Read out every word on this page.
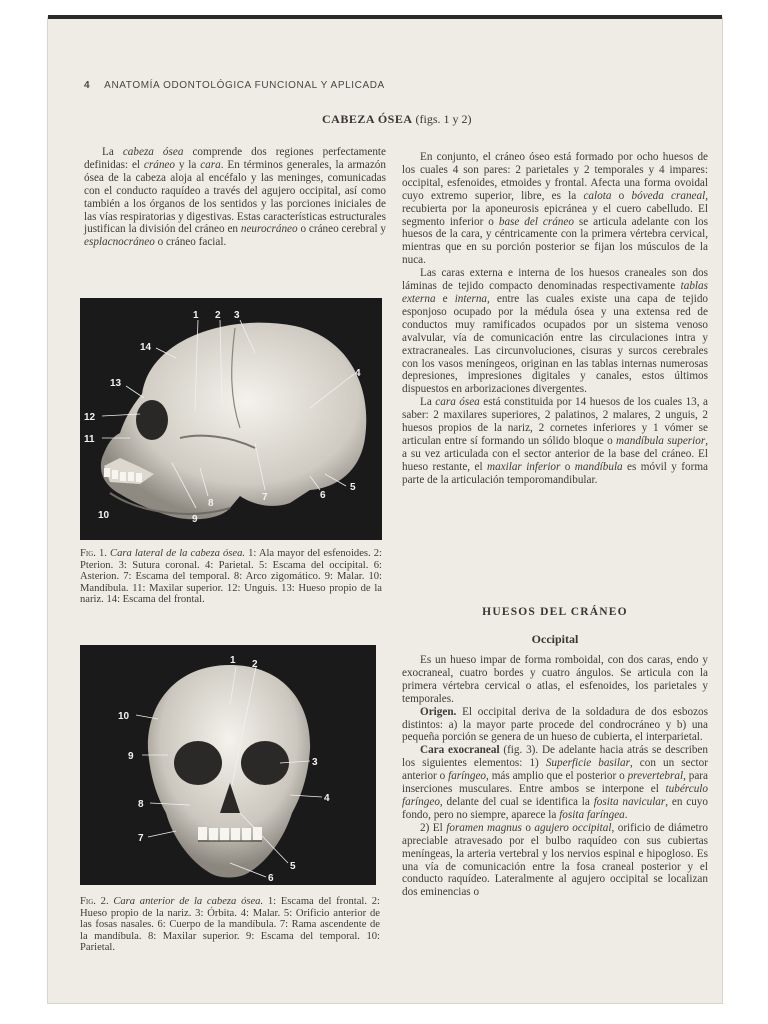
4 ANATOMÍA ODONTOLÓGICA FUNCIONAL Y APLICADA
CABEZA ÓSEA (figs. 1 y 2)

La cabeza ósea comprende dos regiones perfectamente definidas: el cráneo y la cara. En términos generales, la armazón ósea de la cabeza aloja al encéfalo y las meninges, comunicadas con el conducto raquídeo a través del agujero occipital, así como también a los órganos de los sentidos y las porciones iniciales de las vías respiratorias y digestivas. Estas características estructurales justifican la división del cráneo en neurocráneo o cráneo cerebral y esplacnocráneo o cráneo facial.

1 2 3
4
5
6
7
8
9
10
11
12
13
14
Fig. 1. Cara lateral de la cabeza ósea. 1: Ala mayor del esfenoides. 2: Pterion. 3: Sutura coronal. 4: Parietal. 5: Escama del occipital. 6: Asterion. 7: Escama del temporal. 8: Arco zigomático. 9: Malar. 10: Mandíbula. 11: Maxilar superior. 12: Unguis. 13: Hueso propio de la nariz. 14: Escama del frontal.
1 2
3
4
5
6
7
8
9
10
Fig. 2. Cara anterior de la cabeza ósea. 1: Escama del frontal. 2: Hueso propio de la nariz. 3: Órbita. 4: Malar. 5: Orificio anterior de las fosas nasales. 6: Cuerpo de la mandíbula. 7: Rama ascendente de la mandíbula. 8: Maxilar superior. 9: Escama del temporal. 10: Parietal.

En conjunto, el cráneo óseo está formado por ocho huesos de los cuales 4 son pares: 2 parietales y 2 temporales y 4 impares: occipital, esfenoides, etmoides y frontal. Afecta una forma ovoidal cuyo extremo superior, libre, es la calota o bóveda craneal, recubierta por la aponeurosis epicráneа y el cuero cabelludo. El segmento inferior o base del cráneo se articula adelante con los huesos de la cara, y céntricamente con la primera vértebra cervical, mientras que en su porción posterior se fijan los músculos de la nuca.

Las caras externa e interna de los huesos craneales son dos láminas de tejido compacto denominadas respectivamente tablas externa e interna, entre las cuales existe una capa de tejido esponjoso ocupado por la médula ósea y una extensa red de conductos muy ramificados ocupados por un sistema venoso avalvular, vía de comunicación entre las circulaciones intra y extracraneales. Las circunvoluciones, cisuras y surcos cerebrales con los vasos meníngeos, originan en las tablas internas numerosas depresiones, impresiones digitales y canales, estos últimos dispuestos en arborizaciones divergentes.

La cara ósea está constituida por 14 huesos de los cuales 13, a saber: 2 maxilares superiores, 2 palatinos, 2 malares, 2 unguis, 2 huesos propios de la nariz, 2 cornetes inferiores y 1 vómer se articulan entre sí formando un sólido bloque o mandíbula superior, a su vez articulada con el sector anterior de la base del cráneo. El hueso restante, el maxilar inferior o mandíbula es móvil y forma parte de la articulación temporomandibular.

HUESOS DEL CRÁNEO
Occipital

Es un hueso impar de forma romboidal, con dos caras, endo y exocraneal, cuatro bordes y cuatro ángulos. Se articula con la primera vértebra cervical o atlas, el esfenoides, los parietales y temporales.

Origen. El occipital deriva de la soldadura de dos esbozos distintos: a) la mayor parte procede del condrocráneo y b) una pequeña porción se genera de un hueso de cubierta, el interparietal.

Cara exocraneal (fig. 3). De adelante hacia atrás se describen los siguientes elementos: 1) Superficie basilar, con un sector anterior o faríngeo, más amplio que el posterior o prevertebral, para inserciones musculares. Entre ambos se interpone el tubérculo faríngeo, delante del cual se identifica la fosita navicular, en cuyo fondo, pero no siempre, aparece la fosita faríngea.

2) El foramen magnus o agujero occipital, orificio de diámetro apreciable atravesado por el bulbo raquídeo con sus cubiertas meníngeas, la arteria vertebral y los nervios espinal e hipogloso. Es una vía de comunicación entre la fosa craneal posterior y el conducto raquídeo. Lateralmente al agujero occipital se localizan dos eminencias o
